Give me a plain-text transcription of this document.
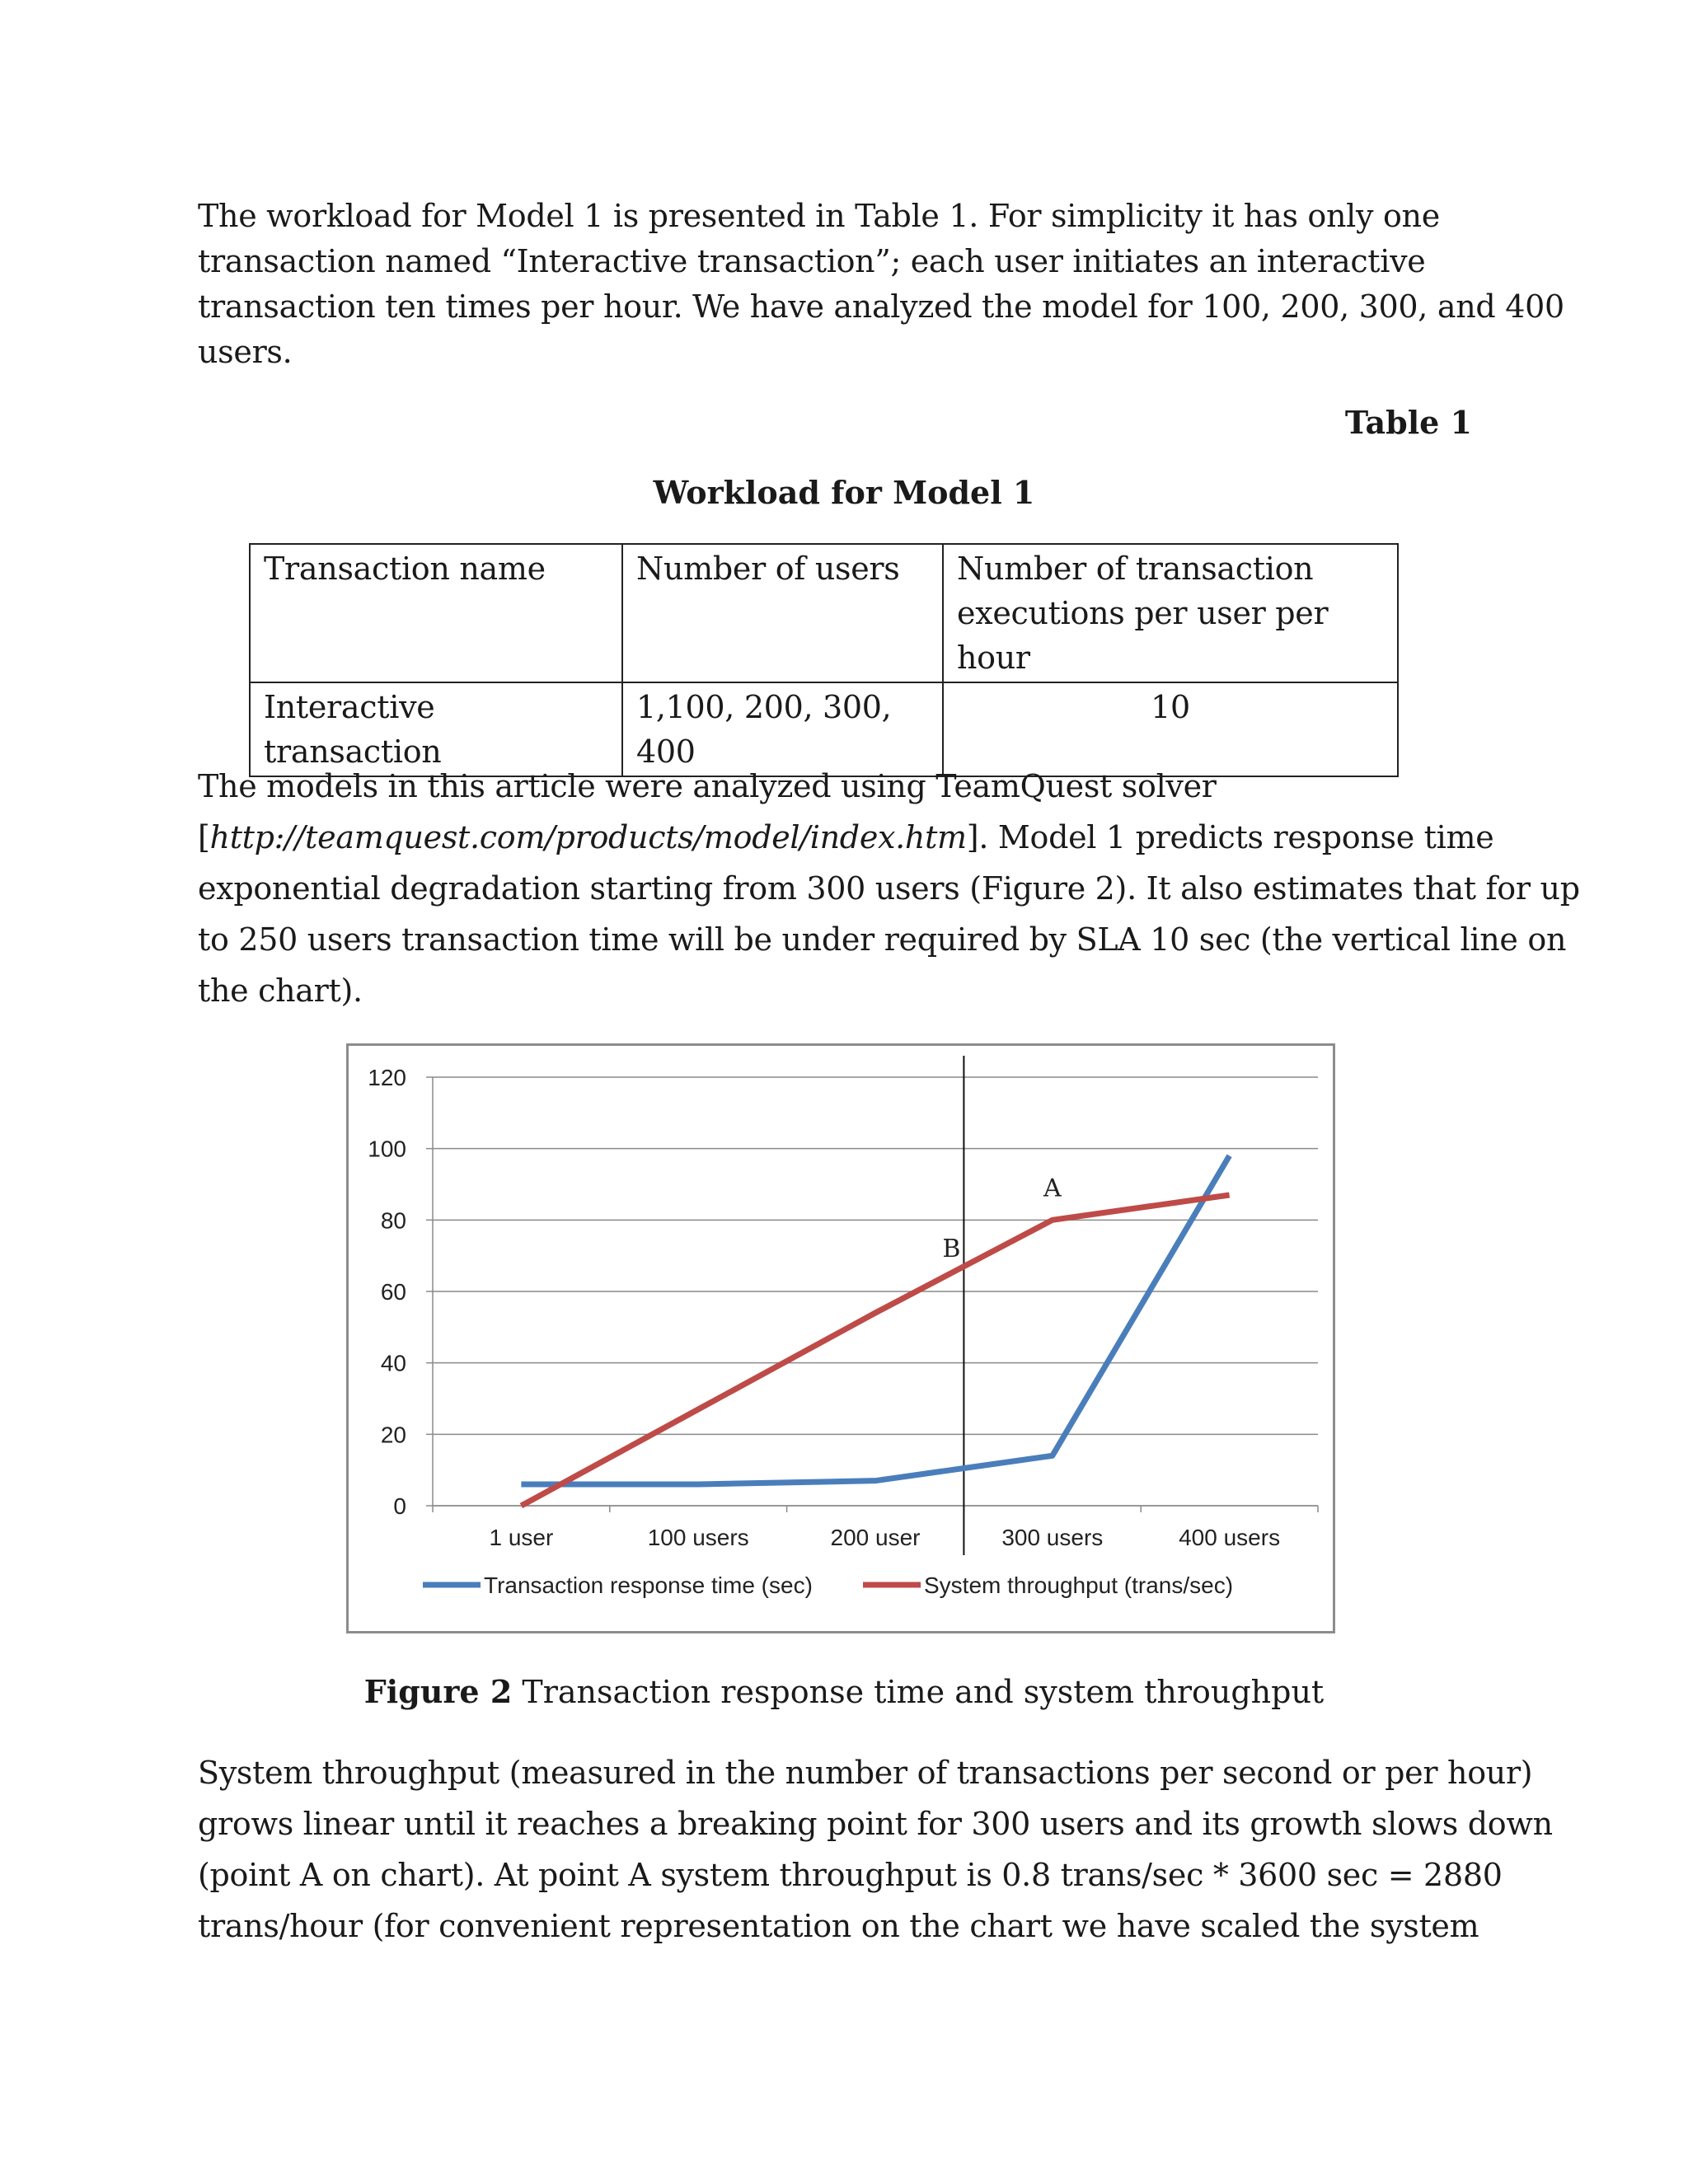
The workload for Model 1 is presented in Table 1. For simplicity it has only one
transaction named “Interactive transaction”; each user initiates an interactive
transaction ten times per hour. We have analyzed the model for 100, 200, 300, and 400
users.

Table 1

Workload for Model 1

Transaction name	Number of users	Number of transaction executions per user per hour
Interactive transaction	1,100, 200, 300, 400	10

The models in this article were analyzed using TeamQuest solver
[http://teamquest.com/products/model/index.htm]. Model 1 predicts response time
exponential degradation starting from 300 users (Figure 2). It also estimates that for up
to 250 users transaction time will be under required by SLA 10 sec (the vertical line on
the chart).

0
20
40
60
80
100
120
1 user	100 users	200 user	300 users	400 users
A
B
Transaction response time (sec)	System throughput (trans/sec)

Figure 2 Transaction response time and system throughput

System throughput (measured in the number of transactions per second or per hour)
grows linear until it reaches a breaking point for 300 users and its growth slows down
(point A on chart). At point A system throughput is 0.8 trans/sec * 3600 sec = 2880
trans/hour (for convenient representation on the chart we have scaled the system
